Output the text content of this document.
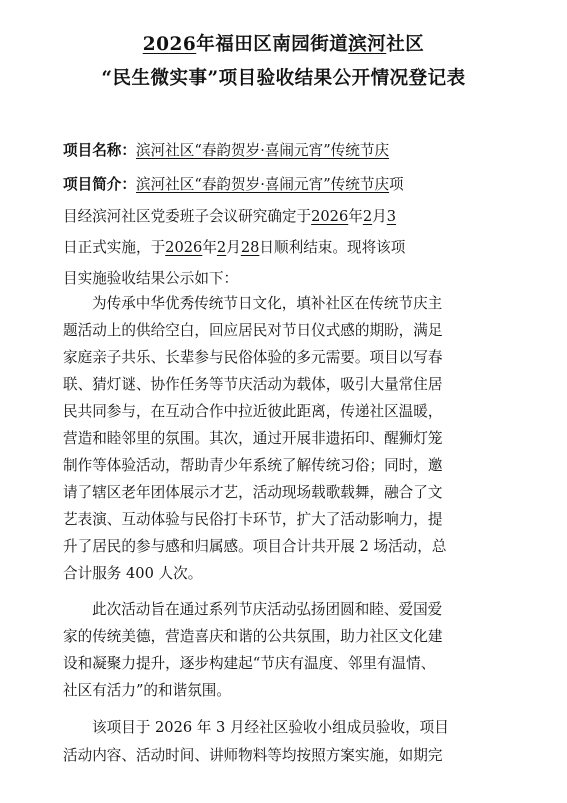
2026年福田区南园街道滨河社区
“民生微实事”项目验收结果公开情况登记表
项目名称：滨河社区“春韵贺岁·喜闹元宵”传统节庆
项目简介：滨河社区“春韵贺岁·喜闹元宵”传统节庆项
目经滨河社区党委班子会议研究确定于2026年2月3
日正式实施，于2026年2月28日顺利结束。现将该项
目实施验收结果公示如下：
为传承中华优秀传统节日文化，填补社区在传统节庆主
题活动上的供给空白，回应居民对节日仪式感的期盼，满足
家庭亲子共乐、长辈参与民俗体验的多元需要。项目以写春
联、猜灯谜、协作任务等节庆活动为载体，吸引大量常住居
民共同参与，在互动合作中拉近彼此距离，传递社区温暖，
营造和睦邻里的氛围。其次，通过开展非遗拓印、醒狮灯笼
制作等体验活动，帮助青少年系统了解传统习俗；同时，邀
请了辖区老年团体展示才艺，活动现场载歌载舞，融合了文
艺表演、互动体验与民俗打卡环节，扩大了活动影响力，提
升了居民的参与感和归属感。项目合计共开展 2 场活动，总
合计服务 400 人次。
此次活动旨在通过系列节庆活动弘扬团圆和睦、爱国爱
家的传统美德，营造喜庆和谐的公共氛围，助力社区文化建
设和凝聚力提升，逐步构建起“节庆有温度、邻里有温情、
社区有活力”的和谐氛围。
该项目于 2026 年 3 月经社区验收小组成员验收，项目
活动内容、活动时间、讲师物料等均按照方案实施，如期完
